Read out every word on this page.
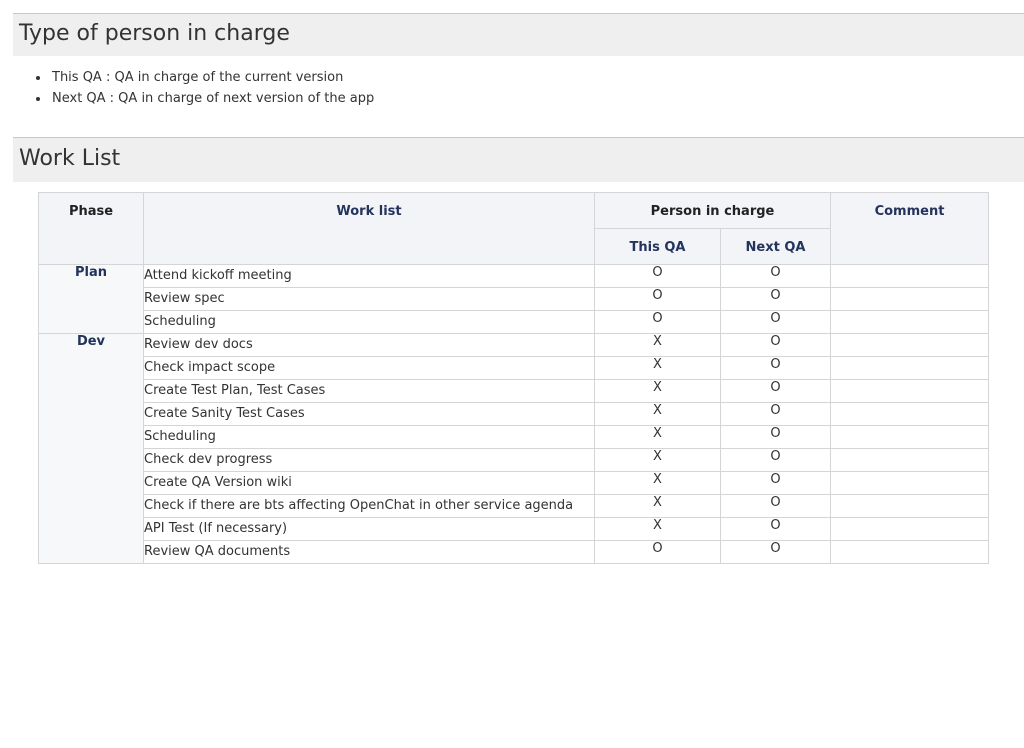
Type of person in charge
This QA : QA in charge of the current version
Next QA : QA in charge of next version of the app
Work List
Phase	Work list	Person in charge		Comment
		This QA	Next QA	
Plan	Attend kickoff meeting	O	O	
	Review spec	O	O	
	Scheduling	O	O	
Dev	Review dev docs	X	O	
	Check impact scope	X	O	
	Create Test Plan, Test Cases	X	O	
	Create Sanity Test Cases	X	O	
	Scheduling	X	O	
	Check dev progress	X	O	
	Create QA Version wiki	X	O	
	Check if there are bts affecting OpenChat in other service agenda	X	O	
	API Test (If necessary)	X	O	
	Review QA documents	O	O	
